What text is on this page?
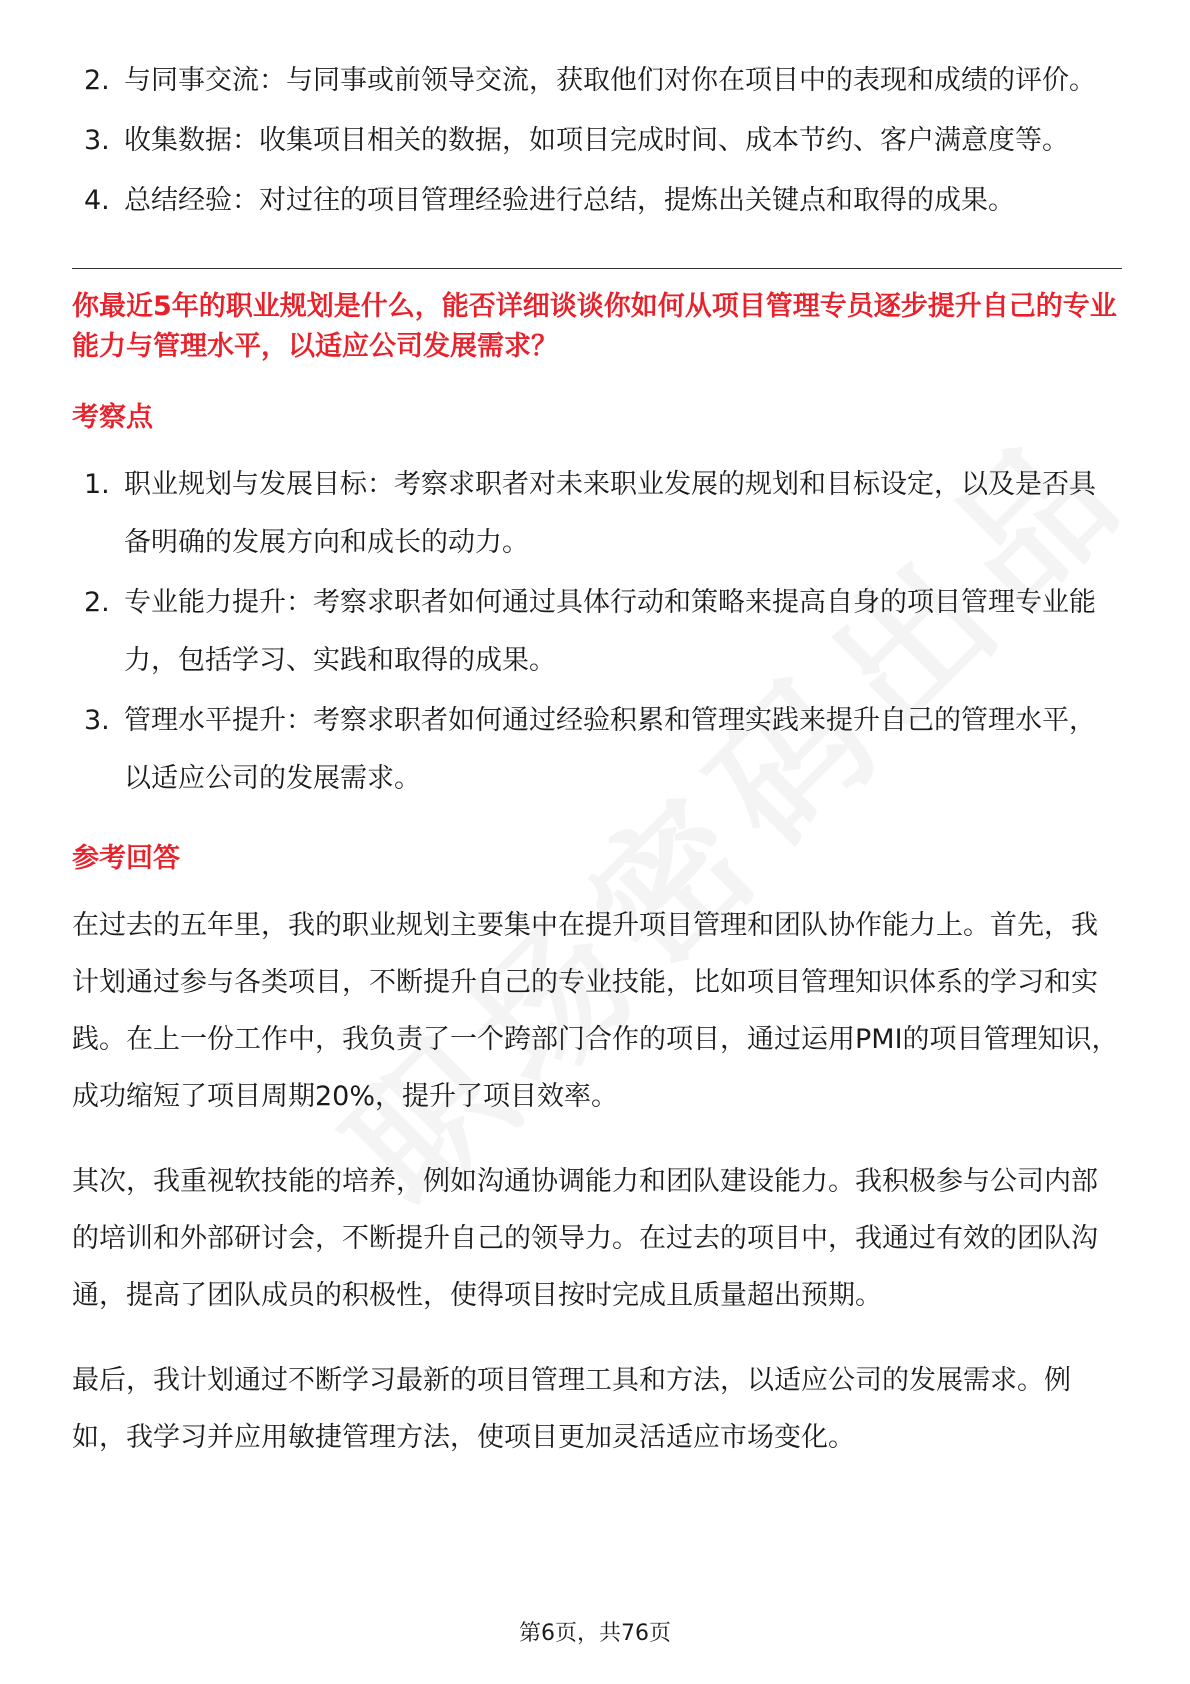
2. 与同事交流：与同事或前领导交流，获取他们对你在项目中的表现和成绩的评价。
3. 收集数据：收集项目相关的数据，如项目完成时间、成本节约、客户满意度等。
4. 总结经验：对过往的项目管理经验进行总结，提炼出关键点和取得的成果。

你最近5年的职业规划是什么，能否详细谈谈你如何从项目管理专员逐步提升自己的专业能力与管理水平，以适应公司发展需求？

考察点
1. 职业规划与发展目标：考察求职者对未来职业发展的规划和目标设定，以及是否具备明确的发展方向和成长的动力。
2. 专业能力提升：考察求职者如何通过具体行动和策略来提高自身的项目管理专业能力，包括学习、实践和取得的成果。
3. 管理水平提升：考察求职者如何通过经验积累和管理实践来提升自己的管理水平，以适应公司的发展需求。
参考回答

在过去的五年里，我的职业规划主要集中在提升项目管理和团队协作能力上。首先，我计划通过参与各类项目，不断提升自己的专业技能，比如项目管理知识体系的学习和实践。在上一份工作中，我负责了一个跨部门合作的项目，通过运用PMI的项目管理知识，成功缩短了项目周期20%，提升了项目效率。

其次，我重视软技能的培养，例如沟通协调能力和团队建设能力。我积极参与公司内部的培训和外部研讨会，不断提升自己的领导力。在过去的项目中，我通过有效的团队沟通，提高了团队成员的积极性，使得项目按时完成且质量超出预期。

最后，我计划通过不断学习最新的项目管理工具和方法，以适应公司的发展需求。例如，我学习并应用敏捷管理方法，使项目更加灵活适应市场变化。

第6页，共76页
